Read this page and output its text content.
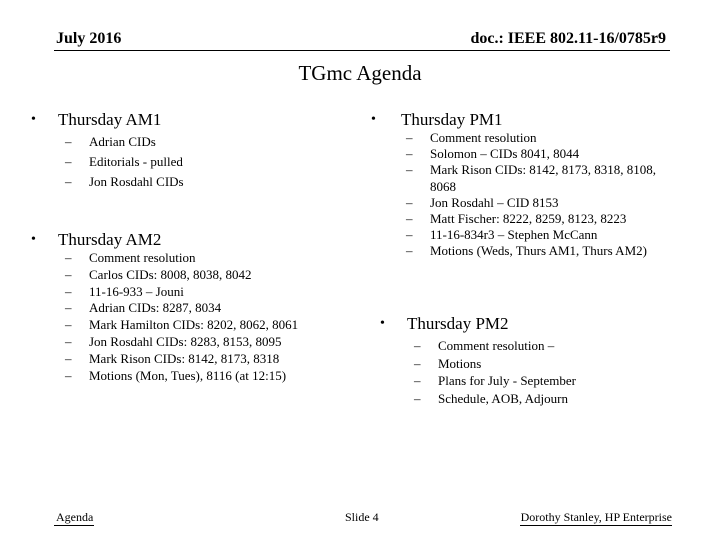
July 2016	doc.: IEEE 802.11-16/0785r9
TGmc Agenda
•	Thursday AM1
–	Adrian CIDs
–	Editorials - pulled
–	Jon Rosdahl CIDs
•	Thursday AM2
–	Comment resolution
–	Carlos CIDs: 8008, 8038, 8042
–	11-16-933 – Jouni
–	Adrian CIDs: 8287, 8034
–	Mark Hamilton CIDs: 8202, 8062, 8061
–	Jon Rosdahl CIDs: 8283, 8153, 8095
–	Mark Rison CIDs: 8142, 8173, 8318
–	Motions (Mon, Tues), 8116 (at 12:15)
•	Thursday PM1
–	Comment resolution
–	Solomon – CIDs 8041, 8044
–	Mark Rison CIDs: 8142, 8173, 8318, 8108, 8068
–	Jon Rosdahl – CID 8153
–	Matt Fischer: 8222, 8259, 8123, 8223
–	11-16-834r3 – Stephen McCann
–	Motions (Weds, Thurs AM1, Thurs AM2)
•	Thursday PM2
–	Comment resolution –
–	Motions
–	Plans for July - September
–	Schedule, AOB, Adjourn
Agenda	Slide 4	Dorothy Stanley, HP Enterprise
